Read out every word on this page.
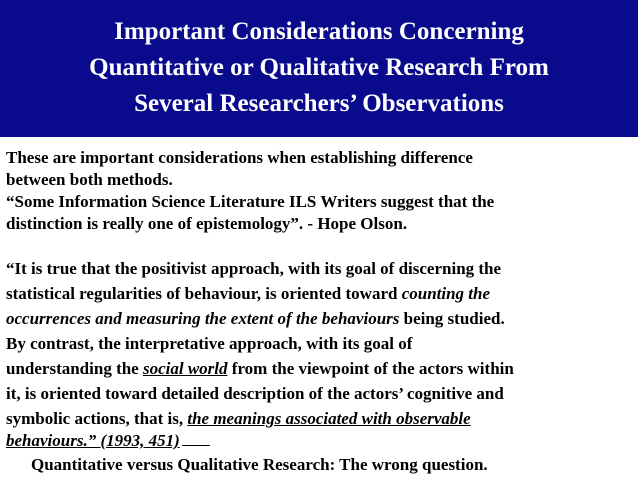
Important Considerations Concerning
Quantitative or Qualitative Research From
Several Researchers’ Observations
These are important considerations when establishing difference
between both methods.
“Some Information Science Literature ILS Writers suggest that the
distinction is really one of epistemology”. - Hope Olson.
“It is true that the positivist approach, with its goal of discerning the
statistical regularities of behaviour, is oriented toward counting the
occurrences and measuring the extent of the behaviours being studied.
By contrast, the interpretative approach, with its goal of
understanding the social world from the viewpoint of the actors within
it, is oriented toward detailed description of the actors’ cognitive and
symbolic actions, that is, the meanings associated with observable
behaviours.” (1993, 451)
Quantitative versus Qualitative Research: The wrong question.
